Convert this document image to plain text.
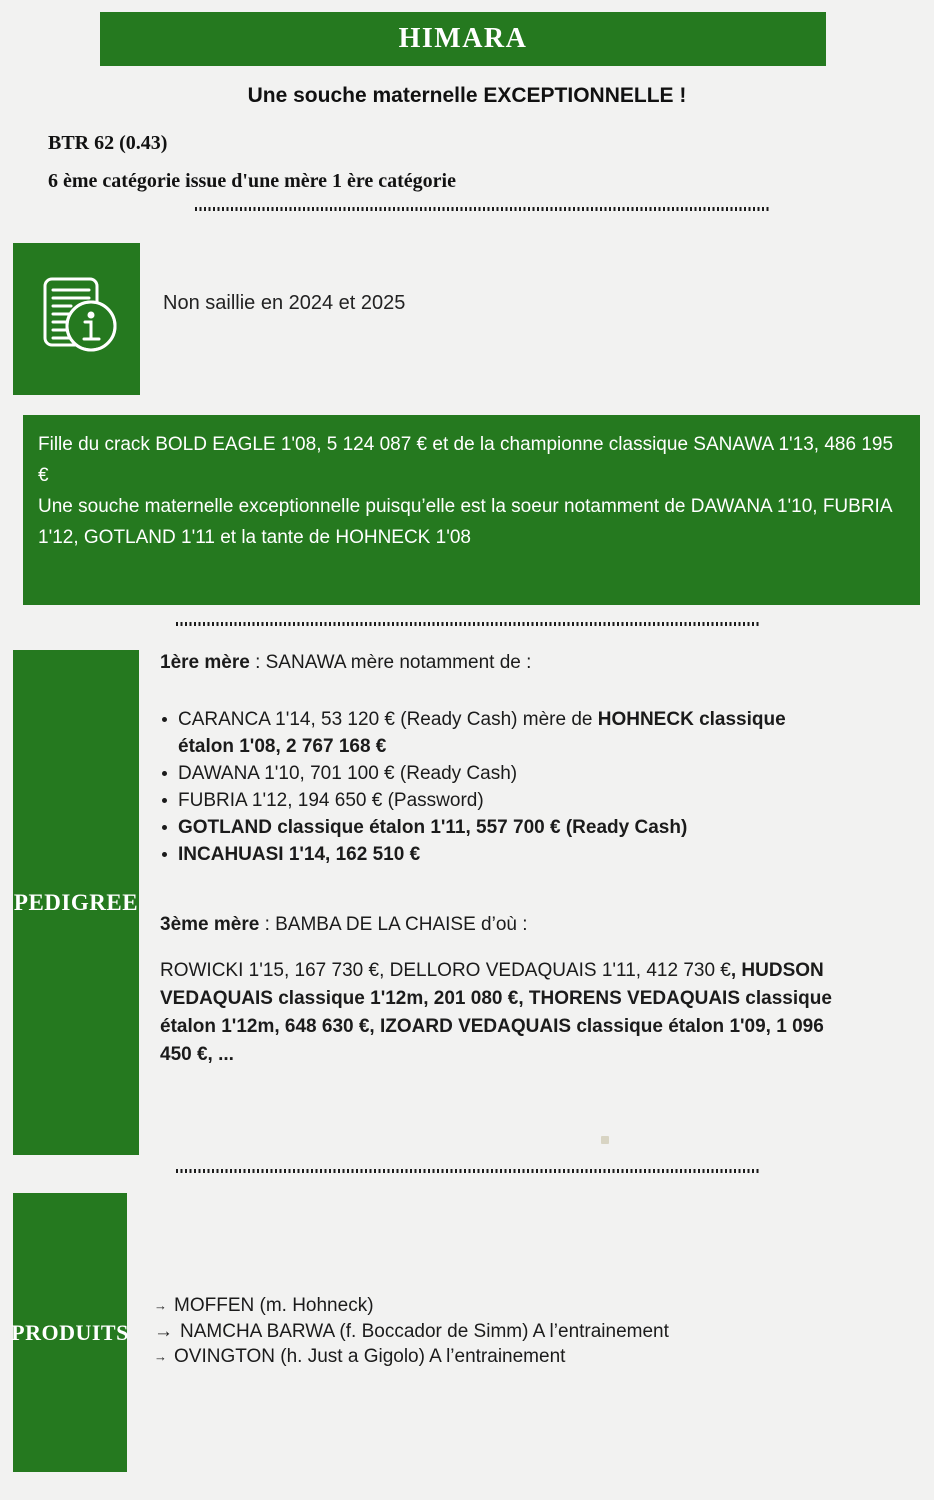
HIMARA
Une souche maternelle EXCEPTIONNELLE !
BTR 62 (0.43)
6 ème catégorie issue d'une mère 1 ère catégorie
Non saillie en 2024 et 2025

Fille du crack BOLD EAGLE 1'08, 5 124 087 € et de la championne classique SANAWA 1'13, 486 195 €

Une souche maternelle exceptionnelle puisqu’elle est la soeur notamment de DAWANA 1'10, FUBRIA 1'12, GOTLAND 1'11 et la tante de HOHNECK 1'08

PEDIGREE
1ère mère : SANAWA mère notamment de :
CARANCA 1'14, 53 120 € (Ready Cash) mère de HOHNECK classique étalon 1'08, 2 767 168 €
DAWANA 1'10, 701 100 € (Ready Cash)
FUBRIA 1'12, 194 650 € (Password)
GOTLAND classique étalon 1'11, 557 700 € (Ready Cash)
INCAHUASI 1'14, 162 510 €
3ème mère : BAMBA DE LA CHAISE d’où :
ROWICKI 1'15, 167 730 €, DELLORO VEDAQUAIS 1'11, 412 730 €, HUDSON VEDAQUAIS classique 1'12m, 201 080 €, THORENS VEDAQUAIS classique étalon 1'12m, 648 630 €, IZOARD VEDAQUAIS classique étalon 1'09, 1 096 450 €, ...
PRODUITS
→ MOFFEN (m. Hohneck)
→ NAMCHA BARWA (f. Boccador de Simm) A l’entrainement
→ OVINGTON (h. Just a Gigolo) A l’entrainement
